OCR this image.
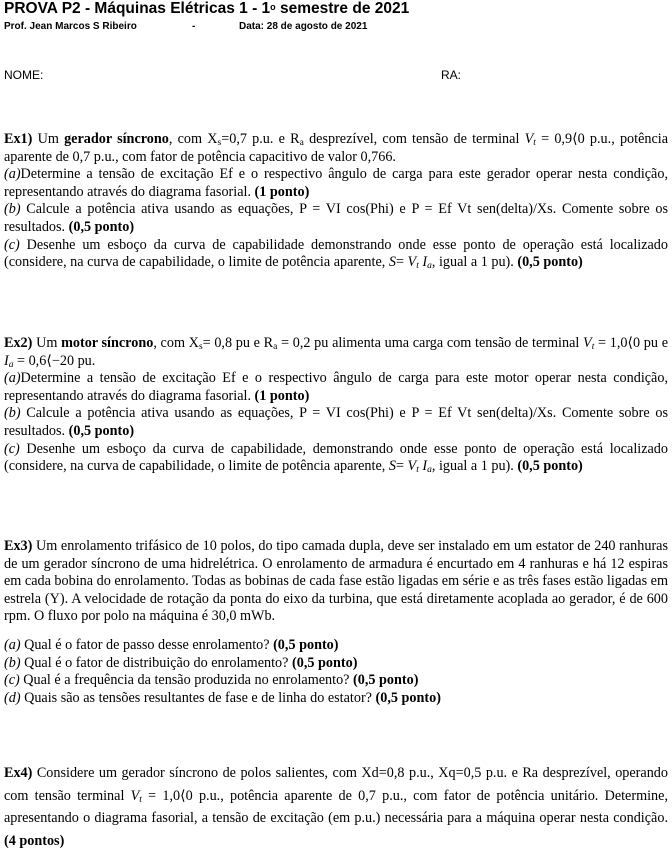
PROVA P2 - Máquinas Elétricas 1 - 1$^o$ semestre de 2021
Prof. Jean Marcos S Ribeiro	-	Data: 28 de agosto de 2021
NOME:	RA:

Ex1) Um gerador síncrono, com $X_s=0,7$ p.u. e $R_a$ desprezível, com tensão de terminal $V_t$ = 0,9⟨0 p.u., potência aparente de 0,7 p.u., com fator de potência capacitivo de valor 0,766.

(a)Determine a tensão de excitação Ef e o respectivo ângulo de carga para este gerador operar nesta condição, representando através do diagrama fasorial. (1 ponto)

(b) Calcule a potência ativa usando as equações, P = VI cos(Phi) e P = Ef Vt sen(delta)/Xs. Comente sobre os resultados. (0,5 ponto)

(c) Desenhe um esboço da curva de capabilidade demonstrando onde esse ponto de operação está localizado (considere, na curva de capabilidade, o limite de potência aparente, $S= V_t$ $I_a$, igual a 1 pu). (0,5 ponto)

Ex2) Um motor síncrono, com $X_s= 0,8$ pu e $R_a = 0,2$ pu alimenta uma carga com tensão de terminal $V_t$ = 1,0⟨0 pu e $I_a$ = 0,6⟨−20 pu.

(a)Determine a tensão de excitação Ef e o respectivo ângulo de carga para este motor operar nesta condição, representando através do diagrama fasorial. (1 ponto)

(b) Calcule a potência ativa usando as equações, P = VI cos(Phi) e P = Ef Vt sen(delta)/Xs. Comente sobre os resultados. (0,5 ponto)

(c) Desenhe um esboço da curva de capabilidade, demonstrando onde esse ponto de operação está localizado (considere, na curva de capabilidade, o limite de potência aparente, $S= V_t$ $I_a$, igual a 1 pu). (0,5 ponto)

Ex3) Um enrolamento trifásico de 10 polos, do tipo camada dupla, deve ser instalado em um estator de 240 ranhuras de um gerador síncrono de uma hidrelétrica. O enrolamento de armadura é encurtado em 4 ranhuras e há 12 espiras em cada bobina do enrolamento. Todas as bobinas de cada fase estão ligadas em série e as três fases estão ligadas em estrela (Y). A velocidade de rotação da ponta do eixo da turbina, que está diretamente acoplada ao gerador, é de 600 rpm. O fluxo por polo na máquina é 30,0 mWb.

(a) Qual é o fator de passo desse enrolamento? (0,5 ponto)

(b) Qual é o fator de distribuição do enrolamento? (0,5 ponto)

(c) Qual é a frequência da tensão produzida no enrolamento? (0,5 ponto)

(d) Quais são as tensões resultantes de fase e de linha do estator? (0,5 ponto)

Ex4) Considere um gerador síncrono de polos salientes, com Xd=0,8 p.u., Xq=0,5 p.u. e Ra desprezível, operando com tensão terminal $V_t$ = 1,0⟨0 p.u., potência aparente de 0,7 p.u., com fator de potência unitário. Determine, apresentando o diagrama fasorial, a tensão de excitação (em p.u.) necessária para a máquina operar nesta condição. (4 pontos)
